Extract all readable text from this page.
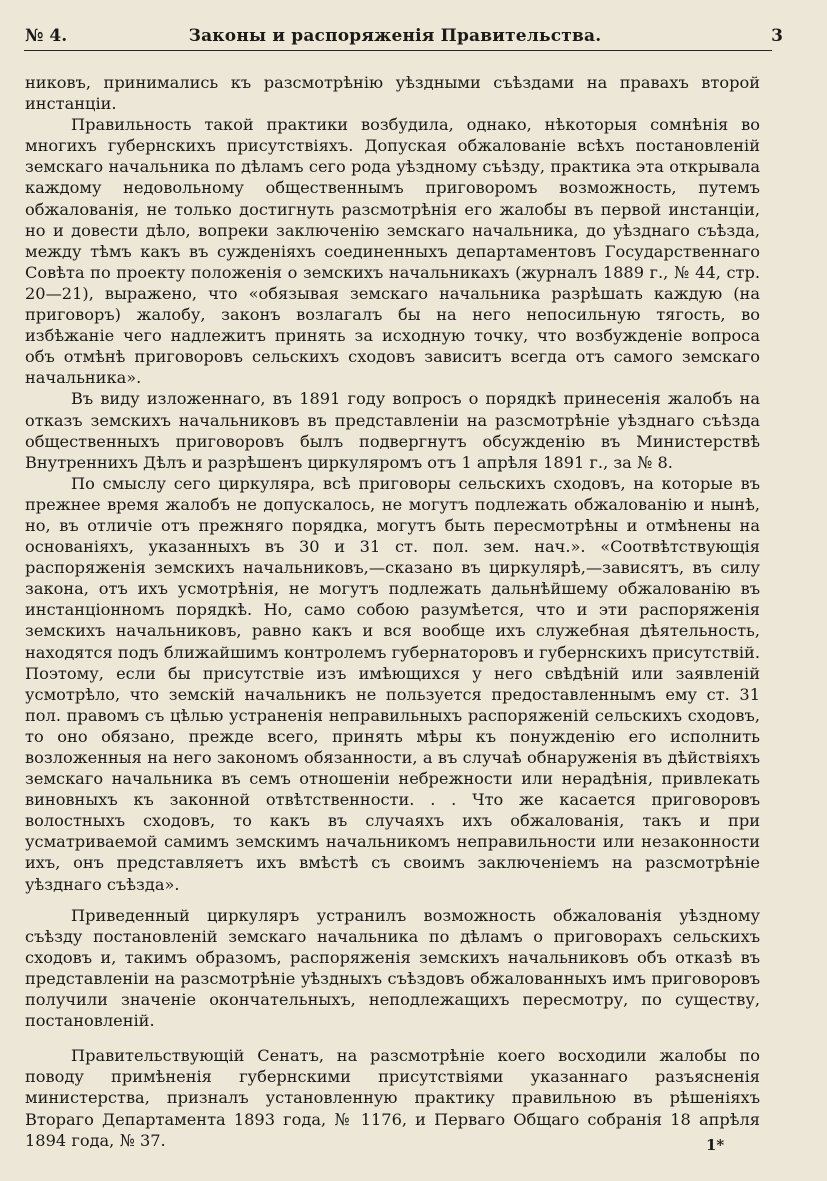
№ 4.	Законы и распоряженія Правительства.	3

никовъ, принимались къ разсмотрѣнію уѣздными съѣздами на правахъ второй инстанціи.

Правильность такой практики возбудила, однако, нѣкоторыя сомнѣнія во многихъ губернскихъ присутствіяхъ. Допуская обжалованіе всѣхъ постановленій земскаго начальника по дѣламъ сего рода уѣздному съѣзду, практика эта открывала каждому недовольному общественнымъ приговоромъ возможность, путемъ обжалованія, не только достигнуть разсмотрѣнія его жалобы въ первой инстанціи, но и довести дѣло, вопреки заключенію земскаго начальника, до уѣзднаго съѣзда, между тѣмъ какъ въ сужденіяхъ соединенныхъ департаментовъ Государственнаго Совѣта по проекту положенія о земскихъ начальникахъ (журналъ 1889 г., № 44, стр. 20—21), выражено, что «обязывая земскаго начальника разрѣшать каждую (на приговоръ) жалобу, законъ возлагалъ бы на него непосильную тягость, во избѣжаніе чего надлежитъ принять за исходную точку, что возбужденіе вопроса объ отмѣнѣ приговоровъ сельскихъ сходовъ зависитъ всегда отъ самого земскаго начальника».

Въ виду изложеннаго, въ 1891 году вопросъ о порядкѣ принесенія жалобъ на отказъ земскихъ начальниковъ въ представленіи на разсмотрѣніе уѣзднаго съѣзда общественныхъ приговоровъ былъ подвергнутъ обсужденію въ Министерствѣ Внутреннихъ Дѣлъ и разрѣшенъ циркуляромъ отъ 1 апрѣля 1891 г., за № 8.

По смыслу сего циркуляра, всѣ приговоры сельскихъ сходовъ, на которые въ прежнее время жалобъ не допускалось, не могутъ подлежать обжалованію и нынѣ, но, въ отличіе отъ прежняго порядка, могутъ быть пересмотрѣны и отмѣнены на основаніяхъ, указанныхъ въ 30 и 31 ст. пол. зем. нач.». «Соотвѣтствующія распоряженія земскихъ начальниковъ,—сказано въ циркулярѣ,—зависятъ, въ силу закона, отъ ихъ усмотрѣнія, не могутъ подлежать дальнѣйшему обжалованію въ инстанціонномъ порядкѣ. Но, само собою разумѣется, что и эти распоряженія земскихъ начальниковъ, равно какъ и вся вообще ихъ служебная дѣятельность, находятся подъ ближайшимъ контролемъ губернаторовъ и губернскихъ присутствій. Поэтому, если бы присутствіе изъ имѣющихся у него свѣдѣній или заявленій усмотрѣло, что земскій начальникъ не пользуется предоставленнымъ ему ст. 31 пол. правомъ съ цѣлью устраненія неправильныхъ распоряженій сельскихъ сходовъ, то оно обязано, прежде всего, принять мѣры къ понужденію его исполнить возложенныя на него закономъ обязанности, а въ случаѣ обнаруженія въ дѣйствіяхъ земскаго начальника въ семъ отношеніи небрежности или нерадѣнія, привлекать виновныхъ къ законной отвѣтственности. . . Что же касается приговоровъ волостныхъ сходовъ, то какъ въ случаяхъ ихъ обжалованія, такъ и при усматриваемой самимъ земскимъ начальникомъ неправильности или незаконности ихъ, онъ представляетъ ихъ вмѣстѣ съ своимъ заключеніемъ на разсмотрѣніе уѣзднаго съѣзда».

Приведенный циркуляръ устранилъ возможность обжалованія уѣздному съѣзду постановленій земскаго начальника по дѣламъ о приговорахъ сельскихъ сходовъ и, такимъ образомъ, распоряженія земскихъ начальниковъ объ отказѣ въ представленіи на разсмотрѣніе уѣздныхъ съѣздовъ обжалованныхъ имъ приговоровъ получили значеніе окончательныхъ, неподлежащихъ пересмотру, по существу, постановленій.

Правительствующій Сенатъ, на разсмотрѣніе коего восходили жалобы по поводу примѣненія губернскими присутствіями указаннаго разъясненія министерства, призналъ установленную практику правильною въ рѣшеніяхъ Втораго Департамента 1893 года, № 1176, и Перваго Общаго собранія 18 апрѣля 1894 года, № 37.	1*
